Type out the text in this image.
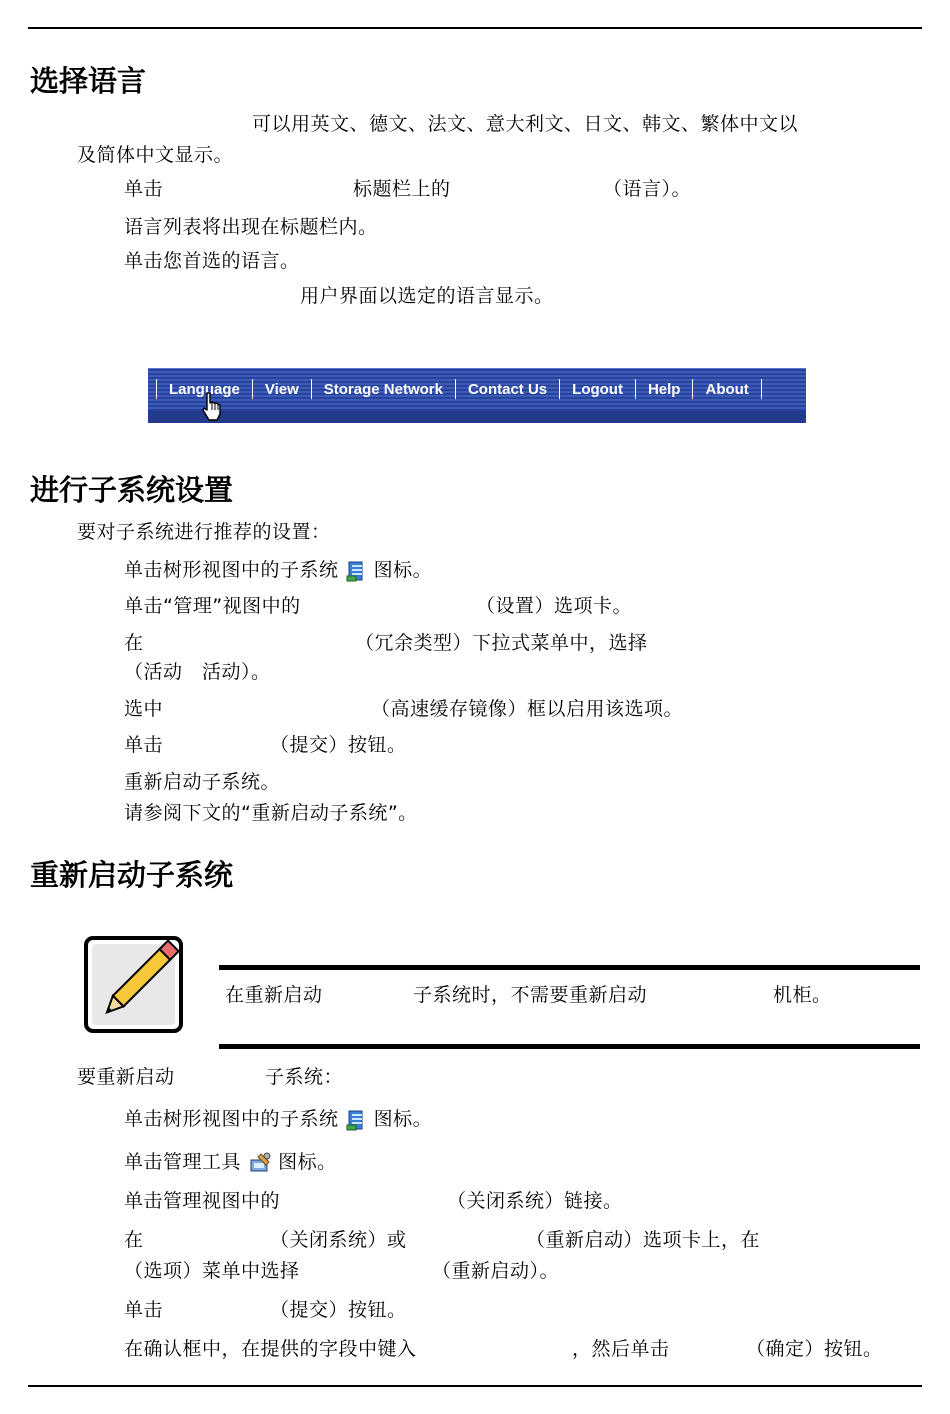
选择语言
可以用英文、德文、法文、意大利文、日文、韩文、繁体中文以
及简体中文显示。
单击	标题栏上的	（语言）。
语言列表将出现在标题栏内。
单击您首选的语言。
用户界面以选定的语言显示。
Language View Storage Network Contact Us Logout Help About
进行子系统设置
要对子系统进行推荐的设置：
单击树形视图中的子系统 图标。
单击“管理”视图中的	（设置）选项卡。
在	（冗余类型）下拉式菜单中，选择
（活动　活动）。
选中	（高速缓存镜像）框以启用该选项。
单击	（提交）按钮。
重新启动子系统。
请参阅下文的“重新启动子系统”。
重新启动子系统
在重新启动	子系统时，不需要重新启动	机柜。
要重新启动	子系统：
单击树形视图中的子系统 图标。
单击管理工具 图标。
单击管理视图中的	（关闭系统）链接。
在	（关闭系统）或	（重新启动）选项卡上，在
（选项）菜单中选择	（重新启动）。
单击	（提交）按钮。
在确认框中，在提供的字段中键入	，然后单击	（确定）按钮。
